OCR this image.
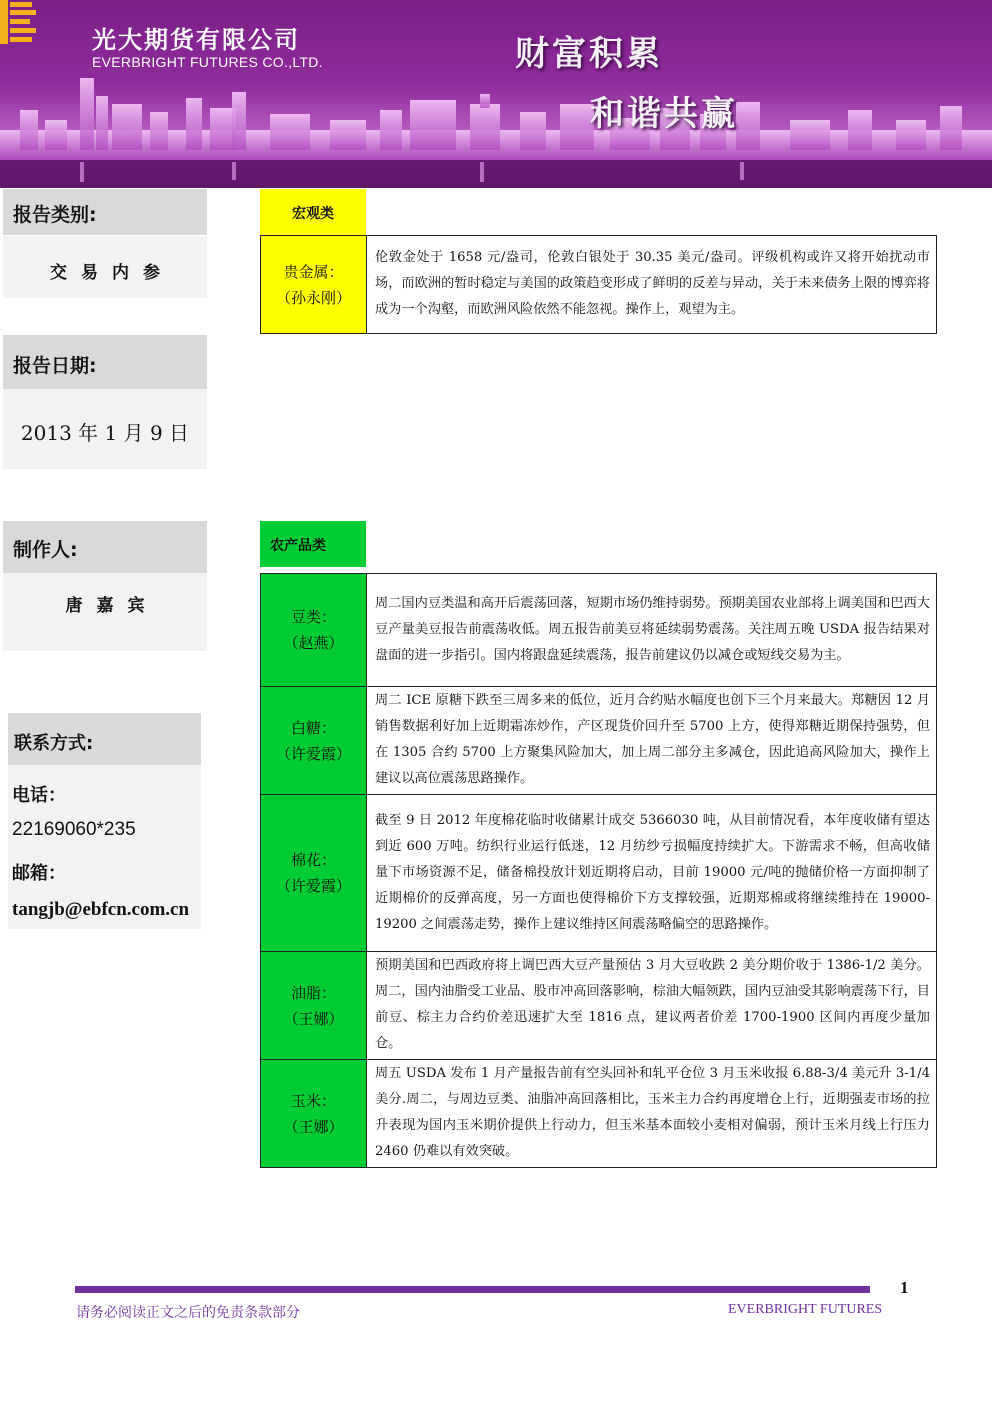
光大期货有限公司
EVERBRIGHT FUTURES CO.,LTD.	财富积累
和谐共赢
报告类别:
交易内参
报告日期:
2013 年 1 月 9 日
制作人:
唐嘉宾
联系方式:
电话：
22169060*235
邮箱：
tangjb@ebfcn.com.cn
宏观类
贵金属：
（孙永刚）
	伦敦金处于 1658 元/盎司，伦敦白银处于 30.35 美元/盎司。评级机构或许又将开始扰动市场，而欧洲的暂时稳定与美国的政策趋变形成了鲜明的反差与异动，关于未来债务上限的博弈将成为一个沟壑，而欧洲风险依然不能忽视。操作上，观望为主。
农产品类
豆类：
（赵燕）	周二国内豆类温和高开后震荡回落，短期市场仍维持弱势。预期美国农业部将上调美国和巴西大豆产量美豆报告前震荡收低。周五报告前美豆将延续弱势震荡。关注周五晚 USDA 报告结果对盘面的进一步指引。国内将跟盘延续震荡，报告前建议仍以减仓或短线交易为主。

白糖：
（许爱霞）	周二 ICE 原糖下跌至三周多来的低位，近月合约贴水幅度也创下三个月来最大。郑糖因 12 月销售数据利好加上近期霜冻炒作，产区现货价回升至 5700 上方，使得郑糖近期保持强势，但在 1305 合约 5700 上方聚集风险加大，加上周二部分主多减仓，因此追高风险加大，操作上建议以高位震荡思路操作。

棉花：
（许爱霞）	截至 9 日 2012 年度棉花临时收储累计成交 5366030 吨，从目前情况看，本年度收储有望达到近 600 万吨。纺织行业运行低迷，12 月纺纱亏损幅度持续扩大。下游需求不畅，但高收储量下市场资源不足，储备棉投放计划近期将启动，目前 19000 元/吨的抛储价格一方面抑制了近期棉价的反弹高度，另一方面也使得棉价下方支撑较强，近期郑棉或将继续维持在 19000-19200 之间震荡走势，操作上建议维持区间震荡略偏空的思路操作。

油脂：
（王娜）	预期美国和巴西政府将上调巴西大豆产量预估 3 月大豆收跌 2 美分期价收于 1386-1/2 美分。周二，国内油脂受工业品、股市冲高回落影响，棕油大幅领跌，国内豆油受其影响震荡下行，目前豆、棕主力合约价差迅速扩大至 1816 点，建议两者价差 1700-1900 区间内再度少量加仓。

玉米：
（王娜）	周五 USDA 发布 1 月产量报告前有空头回补和轧平仓位 3 月玉米收报 6.88-3/4 美元升 3-1/4 美分.周二，与周边豆类、油脂冲高回落相比，玉米主力合约再度增仓上行，近期强麦市场的拉升表现为国内玉米期价提供上行动力，但玉米基本面较小麦相对偏弱，预计玉米月线上行压力 2460 仍难以有效突破。
1
请务必阅读正文之后的免责条款部分	EVERBRIGHT FUTURES
